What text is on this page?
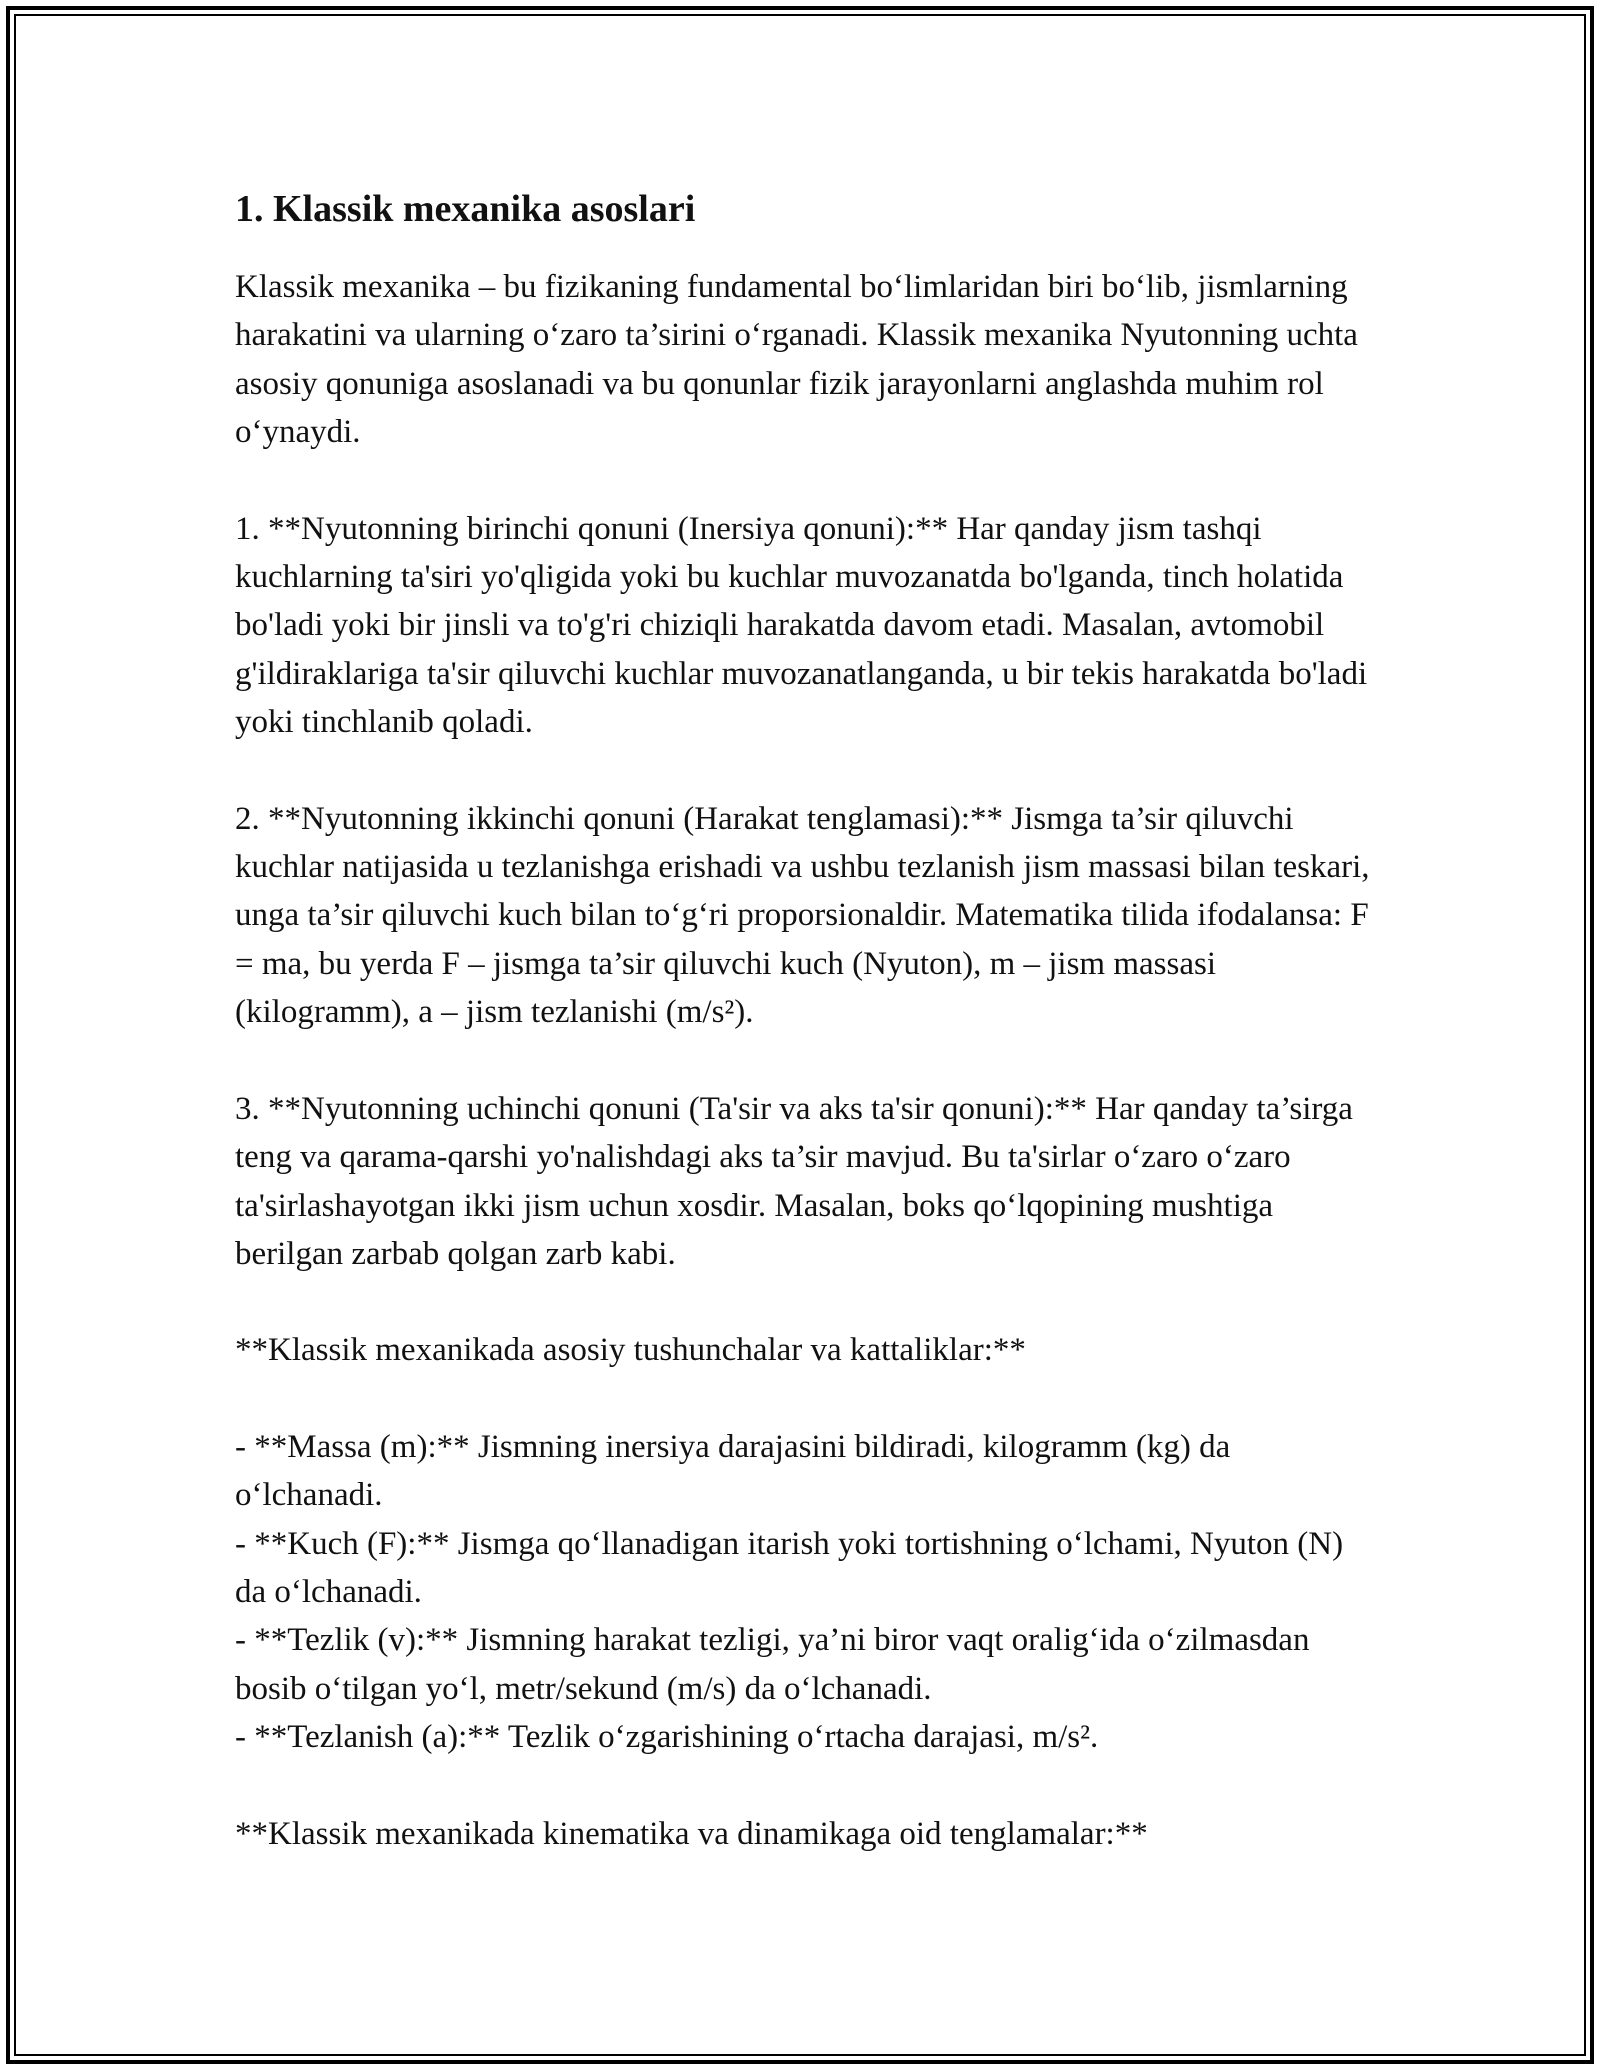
1. Klassik mexanika asoslari

Klassik mexanika – bu fizikaning fundamental bo‘limlaridan biri bo‘lib, jismlarning harakatini va ularning o‘zaro ta’sirini o‘rganadi. Klassik mexanika Nyutonning uchta asosiy qonuniga asoslanadi va bu qonunlar fizik jarayonlarni anglashda muhim rol o‘ynaydi.

1. **Nyutonning birinchi qonuni (Inersiya qonuni):** Har qanday jism tashqi kuchlarning ta'siri yo'qligida yoki bu kuchlar muvozanatda bo'lganda, tinch holatida bo'ladi yoki bir jinsli va to'g'ri chiziqli harakatda davom etadi. Masalan, avtomobil g'ildiraklariga ta'sir qiluvchi kuchlar muvozanatlanganda, u bir tekis harakatda bo'ladi yoki tinchlanib qoladi.

2. **Nyutonning ikkinchi qonuni (Harakat tenglamasi):** Jismga ta’sir qiluvchi kuchlar natijasida u tezlanishga erishadi va ushbu tezlanish jism massasi bilan teskari, unga ta’sir qiluvchi kuch bilan to‘g‘ri proporsionaldir. Matematika tilida ifodalansa: F = ma, bu yerda F – jismga ta’sir qiluvchi kuch (Nyuton), m – jism massasi (kilogramm), a – jism tezlanishi (m/s²).

3. **Nyutonning uchinchi qonuni (Ta'sir va aks ta'sir qonuni):** Har qanday ta’sirga teng va qarama-qarshi yo'nalishdagi aks ta’sir mavjud. Bu ta'sirlar o‘zaro o‘zaro ta'sirlashayotgan ikki jism uchun xosdir. Masalan, boks qo‘lqopining mushtiga berilgan zarbab qolgan zarb kabi.

**Klassik mexanikada asosiy tushunchalar va kattaliklar:**

- **Massa (m):** Jismning inersiya darajasini bildiradi, kilogramm (kg) da o‘lchanadi.
- **Kuch (F):** Jismga qo‘llanadigan itarish yoki tortishning o‘lchami, Nyuton (N) da o‘lchanadi.
- **Tezlik (v):** Jismning harakat tezligi, ya’ni biror vaqt oralig‘ida o‘zilmasdan bosib o‘tilgan yo‘l, metr/sekund (m/s) da o‘lchanadi.
- **Tezlanish (a):** Tezlik o‘zgarishining o‘rtacha darajasi, m/s².

**Klassik mexanikada kinematika va dinamikaga oid tenglamalar:**
